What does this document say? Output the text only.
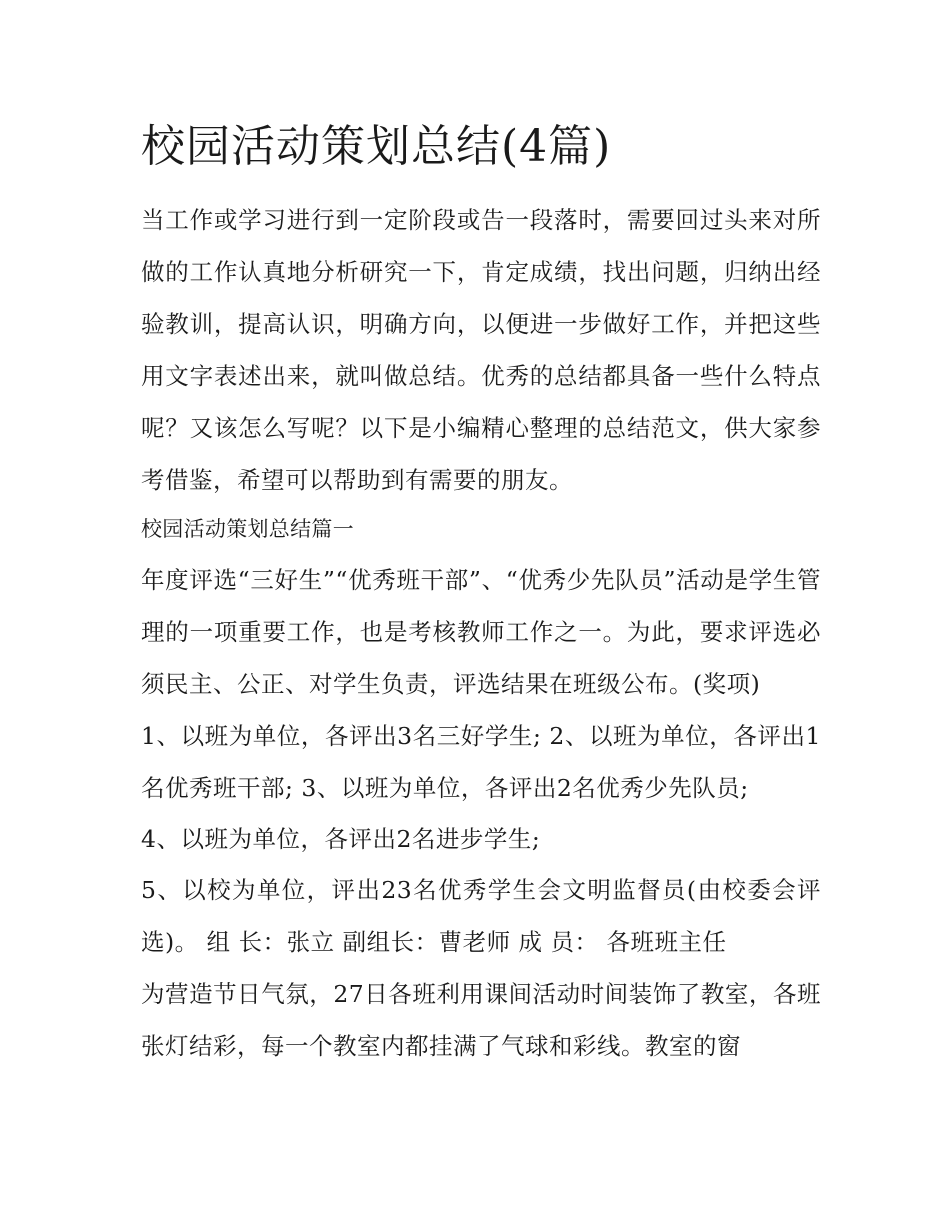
校园活动策划总结(4篇)

当工作或学习进行到一定阶段或告一段落时，需要回过头来对所做的工作认真地分析研究一下，肯定成绩，找出问题，归纳出经验教训，提高认识，明确方向，以便进一步做好工作，并把这些用文字表述出来，就叫做总结。优秀的总结都具备一些什么特点呢？又该怎么写呢？以下是小编精心整理的总结范文，供大家参考借鉴，希望可以帮助到有需要的朋友。

校园活动策划总结篇一

年度评选“三好生”“优秀班干部”、“优秀少先队员”活动是学生管理的一项重要工作，也是考核教师工作之一。为此，要求评选必须民主、公正、对学生负责，评选结果在班级公布。(奖项)

1、以班为单位，各评出3名三好学生; 2、以班为单位，各评出1名优秀班干部; 3、以班为单位，各评出2名优秀少先队员;

4、以班为单位，各评出2名进步学生;

5、以校为单位，评出23名优秀学生会文明监督员(由校委会评选)。 组 长：张立 副组长：曹老师 成 员： 各班班主任

为营造节日气氛，27日各班利用课间活动时间装饰了教室，各班张灯结彩，每一个教室内都挂满了气球和彩线。教室的窗
